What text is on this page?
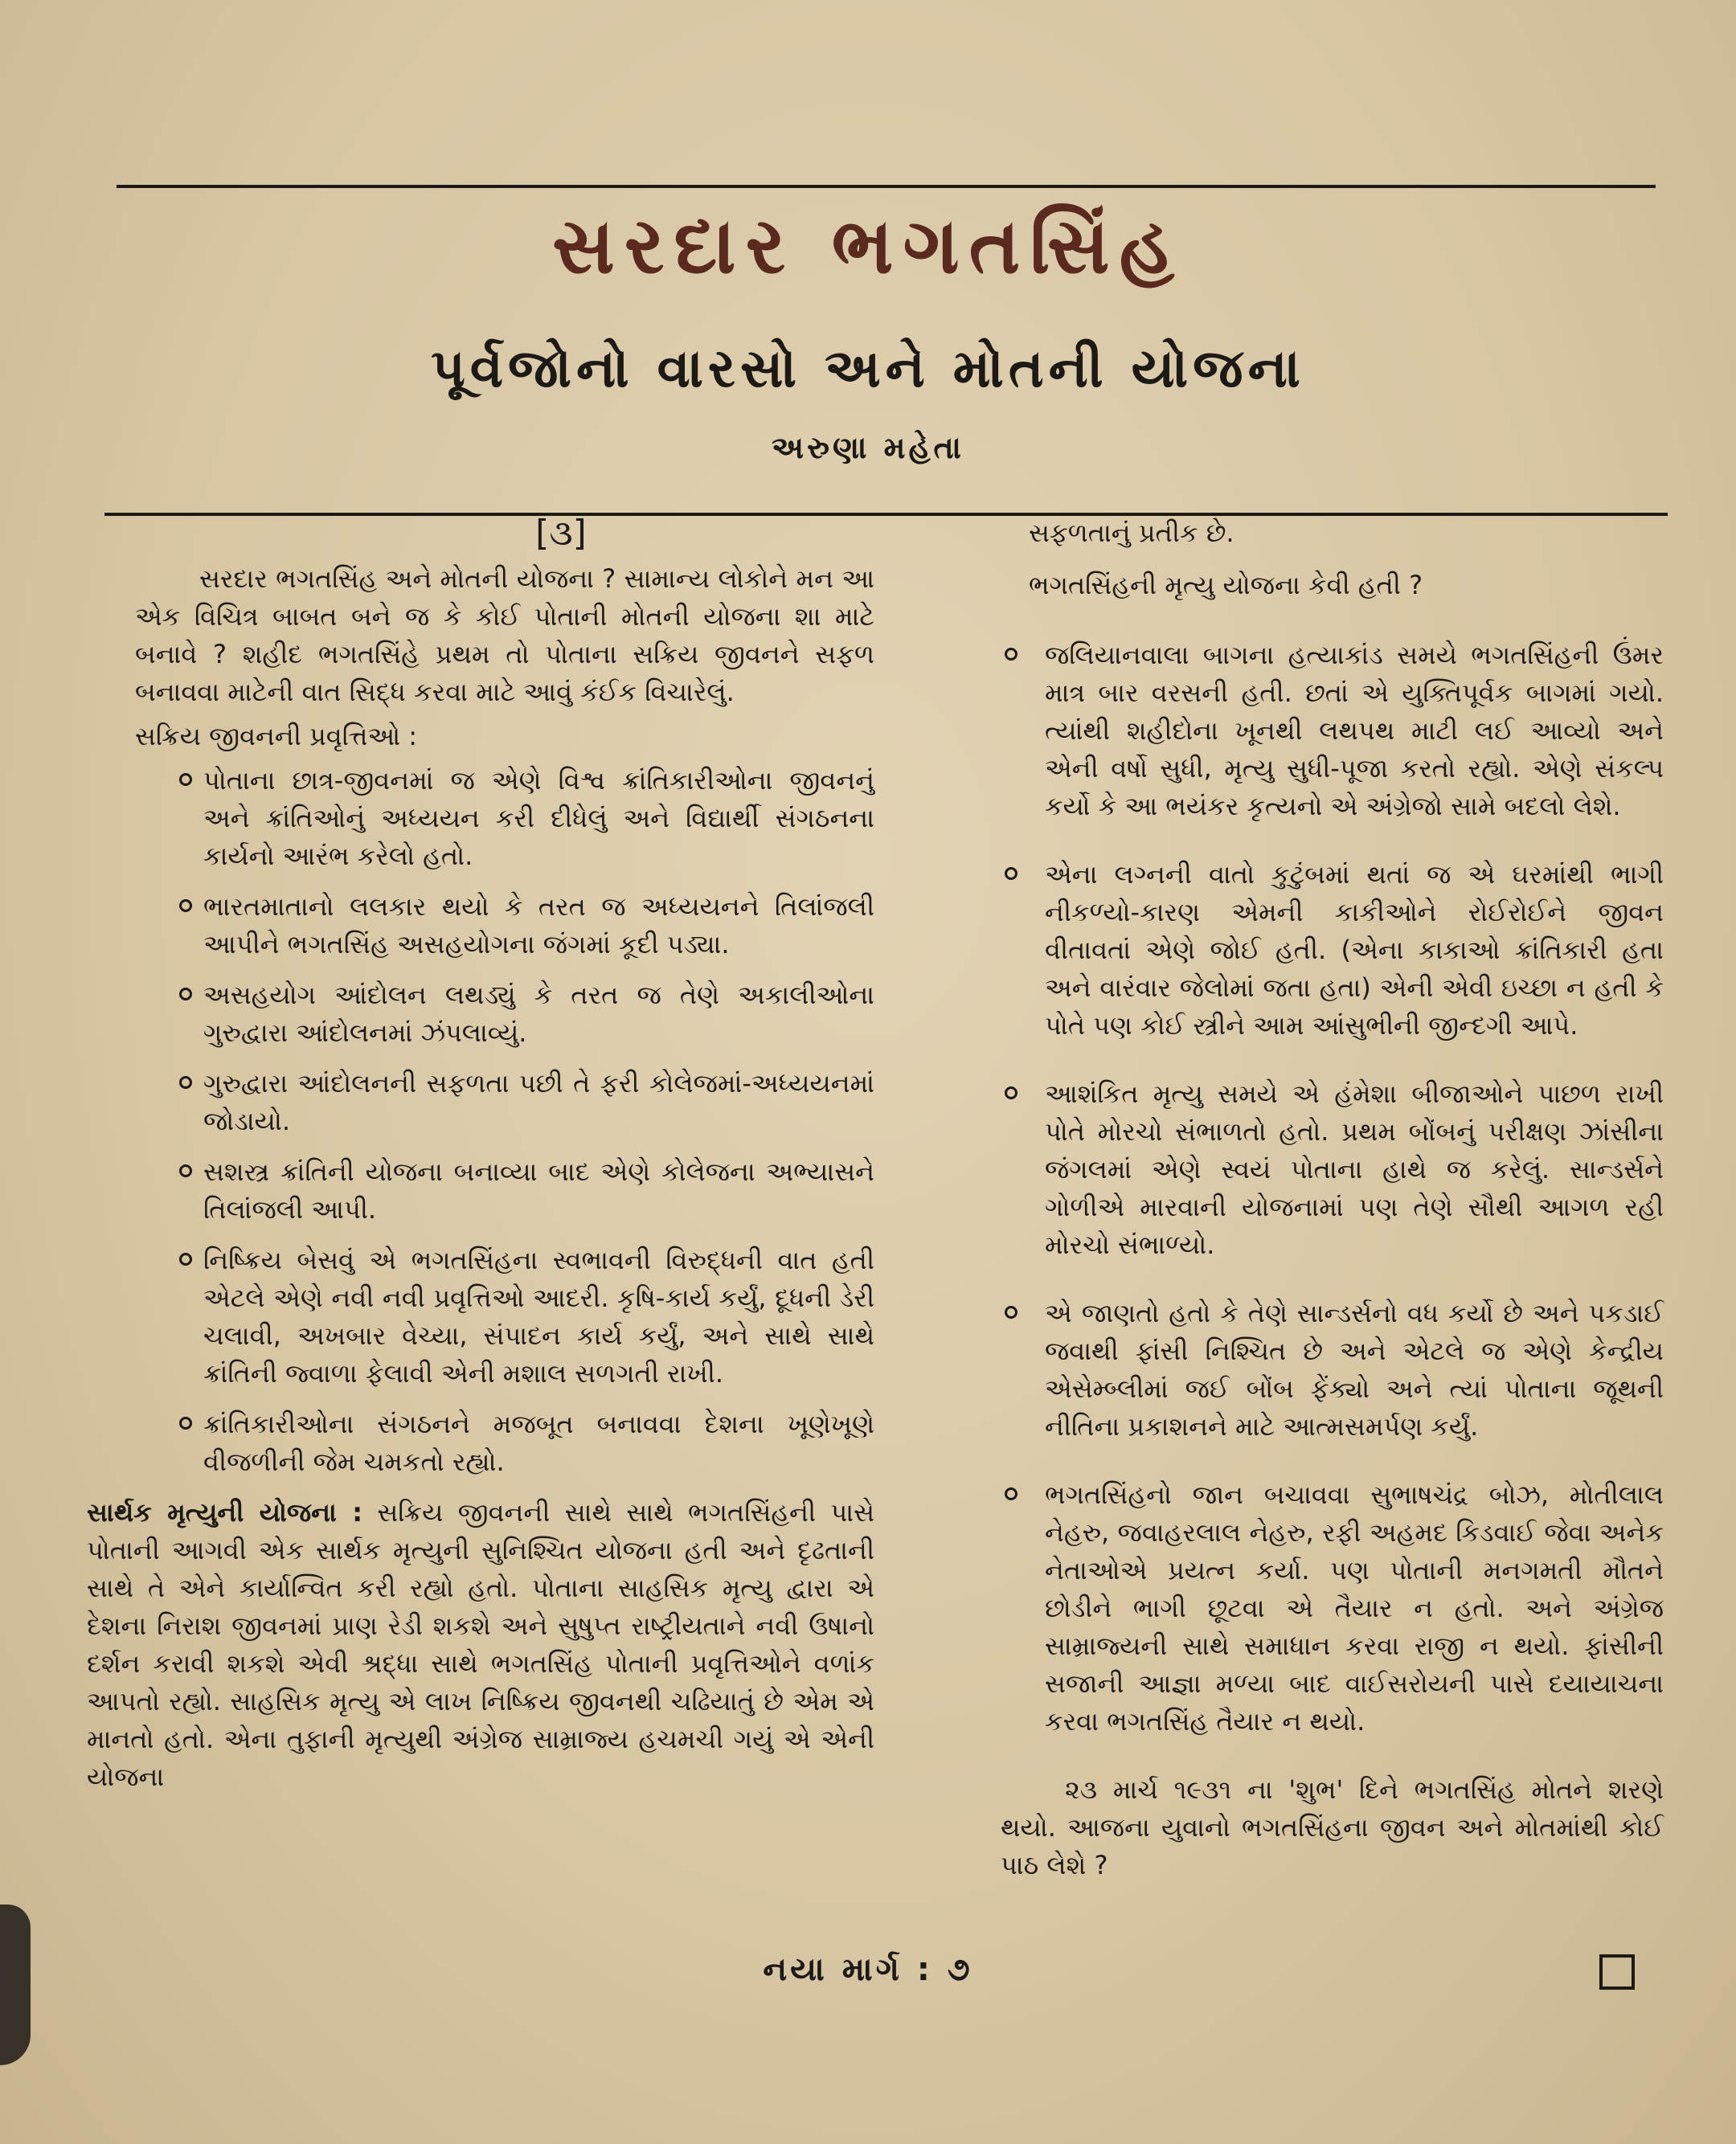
સરદાર ભગતસિંહ
પૂર્વજોનો વારસો અને મોતની યોજના
અરુણા મહેતા
[૩]

સરદાર ભગતસિંહ અને મોતની યોજના ? સામાન્ય લોકોને મન આ એક વિચિત્ર બાબત બને જ કે કોઈ પોતાની મોતની યોજના શા માટે બનાવે ? શહીદ ભગતસિંહે પ્રથમ તો પોતાના સક્રિય જીવનને સફળ બનાવવા માટેની વાત સિદ્ધ કરવા માટે આવું કંઈક વિચારેલું.

સક્રિય જીવનની પ્રવૃત્તિઓ :

પોતાના છાત્ર-જીવનમાં જ એણે વિશ્વ ક્રાંતિકારીઓના જીવનનું અને ક્રાંતિઓનું અધ્યયન કરી દીધેલું અને વિદ્યાર્થી સંગઠનના કાર્યનો આરંભ કરેલો હતો.
ભારતમાતાનો લલકાર થયો કે તરત જ અધ્યયનને તિલાંજલી આપીને ભગતસિંહ અસહયોગના જંગમાં કૂદી પડ્યા.
અસહયોગ આંદોલન લથડ્યું કે તરત જ તેણે અકાલીઓના ગુરુદ્વારા આંદોલનમાં ઝંપલાવ્યું.
ગુરુદ્વારા આંદોલનની સફળતા પછી તે ફરી કોલેજમાં-અધ્યયનમાં જોડાયો.
સશસ્ત્ર ક્રાંતિની યોજના બનાવ્યા બાદ એણે કોલેજના અભ્યાસને તિલાંજલી આપી.
નિષ્ક્રિય બેસવું એ ભગતસિંહના સ્વભાવની વિરુદ્ધની વાત હતી એટલે એણે નવી નવી પ્રવૃત્તિઓ આદરી. કૃષિ-કાર્ય કર્યું, દૂધની ડેરી ચલાવી, અખબાર વેચ્યા, સંપાદન કાર્ય કર્યું, અને સાથે સાથે ક્રાંતિની જ્વાળા ફેલાવી એની મશાલ સળગતી રાખી.
ક્રાંતિકારીઓના સંગઠનને મજબૂત બનાવવા દેશના ખૂણેખૂણે વીજળીની જેમ ચમકતો રહ્યો.

સાર્થક મૃત્યુની યોજના : સક્રિય જીવનની સાથે સાથે ભગતસિંહની પાસે પોતાની આગવી એક સાર્થક મૃત્યુની સુનિશ્ચિત યોજના હતી અને દૃઢતાની સાથે તે એને કાર્યાન્વિત કરી રહ્યો હતો. પોતાના સાહસિક મૃત્યુ દ્વારા એ દેશના નિરાશ જીવનમાં પ્રાણ રેડી શકશે અને સુષુપ્ત રાષ્ટ્રીયતાને નવી ઉષાનો દર્શન કરાવી શકશે એવી શ્રદ્ધા સાથે ભગતસિંહ પોતાની પ્રવૃત્તિઓને વળાંક આપતો રહ્યો. સાહસિક મૃત્યુ એ લાખ નિષ્ક્રિય જીવનથી ચઢિયાતું છે એમ એ માનતો હતો. એના તુફાની મૃત્યુથી અંગ્રેજ સામ્રાજ્ય હચમચી ગયું એ એની યોજના

સફળતાનું પ્રતીક છે.
ભગતસિંહની મૃત્યુ યોજના કેવી હતી ?
જલિયાનવાલા બાગના હત્યાકાંડ સમયે ભગતસિંહની ઉંમર માત્ર બાર વરસની હતી. છતાં એ યુક્તિપૂર્વક બાગમાં ગયો. ત્યાંથી શહીદોના ખૂનથી લથપથ માટી લઈ આવ્યો અને એની વર્ષો સુધી, મૃત્યુ સુધી-પૂજા કરતો રહ્યો. એણે સંકલ્પ કર્યો કે આ ભયંકર કૃત્યનો એ અંગ્રેજો સામે બદલો લેશે.
એના લગ્નની વાતો કુટુંબમાં થતાં જ એ ઘરમાંથી ભાગી નીકળ્યો-કારણ એમની કાકીઓને રોઈરોઈને જીવન વીતાવતાં એણે જોઈ હતી. (એના કાકાઓ ક્રાંતિકારી હતા અને વારંવાર જેલોમાં જતા હતા) એની એવી ઇચ્છા ન હતી કે પોતે પણ કોઈ સ્ત્રીને આમ આંસુભીની જીન્દગી આપે.
આશંકિત મૃત્યુ સમયે એ હંમેશા બીજાઓને પાછળ રાખી પોતે મોરચો સંભાળતો હતો. પ્રથમ બોંબનું પરીક્ષણ ઝાંસીના જંગલમાં એણે સ્વયં પોતાના હાથે જ કરેલું. સાન્ડર્સને ગોળીએ મારવાની યોજનામાં પણ તેણે સૌથી આગળ રહી મોરચો સંભાળ્યો.
એ જાણતો હતો કે તેણે સાન્ડર્સનો વધ કર્યો છે અને પકડાઈ જવાથી ફાંસી નિશ્ચિત છે અને એટલે જ એણે કેન્દ્રીય એસેમ્બ્લીમાં જઈ બોંબ ફેંક્યો અને ત્યાં પોતાના જૂથની નીતિના પ્રકાશનને માટે આત્મસમર્પણ કર્યું.
ભગતસિંહનો જાન બચાવવા સુભાષચંદ્ર બોઝ, મોતીલાલ નેહરુ, જવાહરલાલ નેહરુ, રફી અહમદ કિડવાઈ જેવા અનેક નેતાઓએ પ્રયત્ન કર્યા. પણ પોતાની મનગમતી મૌતને છોડીને ભાગી છૂટવા એ તૈયાર ન હતો. અને અંગ્રેજ સામ્રાજ્યની સાથે સમાધાન કરવા રાજી ન થયો. ફાંસીની સજાની આજ્ઞા મળ્યા બાદ વાઈસરોયની પાસે દયાયાચના કરવા ભગતસિંહ તૈયાર ન થયો.

૨૩ માર્ચ ૧૯૩૧ ના 'શુભ' દિને ભગતસિંહ મોતને શરણે થયો. આજના યુવાનો ભગતસિંહના જીવન અને મોતમાંથી કોઈ પાઠ લેશે ?

નયા માર્ગ : ૭
